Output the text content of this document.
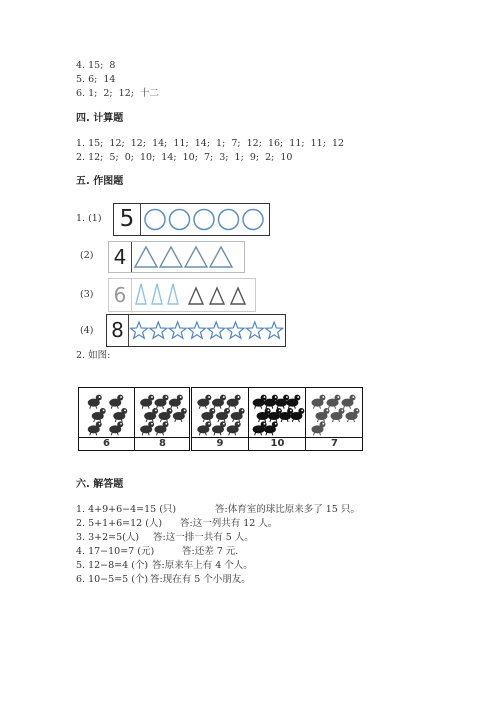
4. 15;  8
5. 6;  14
6. 1;  2;  12;  十二
四. 计算题
1. 15;  12;  12;  14;  11;  14;  1;  7;  12;  16;  11;  11;  12
2. 12;  5;  0;  10;  14;  10;  7;  3;  1;  9;  2;  10
五. 作图题
1. (1) 5
(2) 4
(3) 6
(4) 8
2. 如图:
6	8	9	10	7
六. 解答题
1. 4+9+6−4=15 (只)	答:体育室的球比原来多了 15 只。
2. 5+1+6=12 (人) 答:这一列共有 12 人。
3. 3+2=5(人) 答:这一排一共有 5 人。
4. 17−10=7 (元)	答:还差 7 元.
5. 12−8=4 (个) 答:原来车上有 4 个人。
6. 10−5=5 (个) 答:现在有 5 个小朋友。
